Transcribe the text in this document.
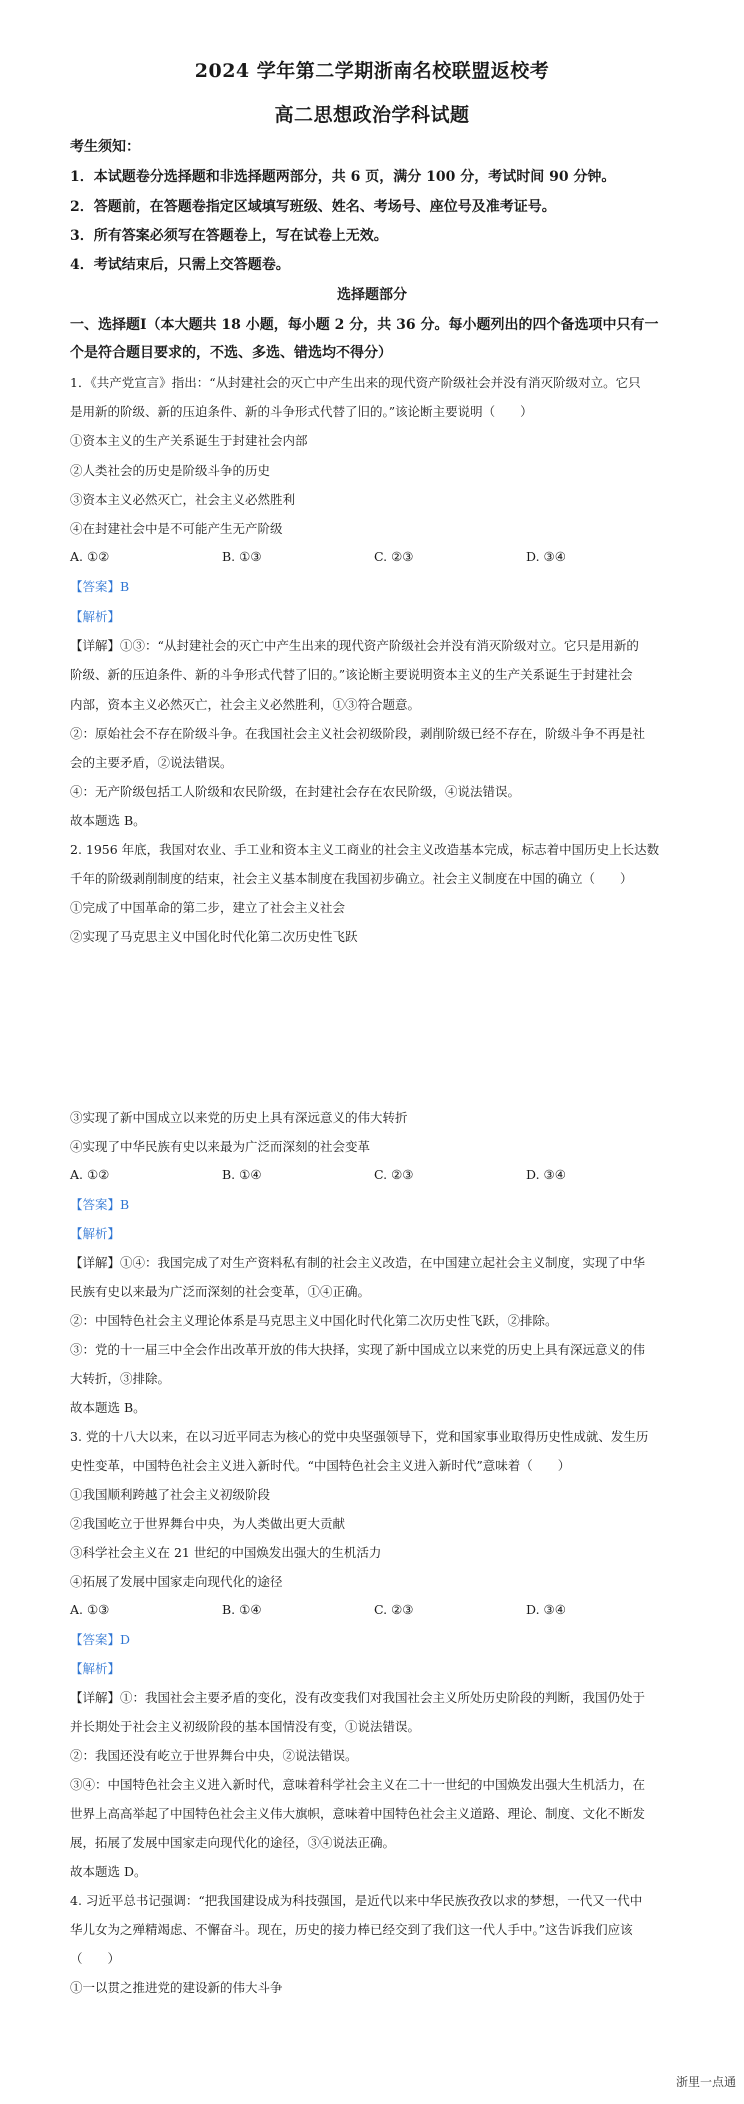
2024 学年第二学期浙南名校联盟返校考
高二思想政治学科试题
考生须知：
1．本试题卷分选择题和非选择题两部分，共 6 页，满分 100 分，考试时间 90 分钟。
2．答题前，在答题卷指定区域填写班级、姓名、考场号、座位号及准考证号。
3．所有答案必须写在答题卷上，写在试卷上无效。
4．考试结束后，只需上交答题卷。
选择题部分
一、选择题Ⅰ（本大题共 18 小题，每小题 2 分，共 36 分。每小题列出的四个备选项中只有一
个是符合题目要求的，不选、多选、错选均不得分）
1．《共产党宣言》指出：“从封建社会的灭亡中产生出来的现代资产阶级社会并没有消灭阶级对立。它只
是用新的阶级、新的压迫条件、新的斗争形式代替了旧的。”该论断主要说明（　　）
①资本主义的生产关系诞生于封建社会内部
②人类社会的历史是阶级斗争的历史
③资本主义必然灭亡，社会主义必然胜利
④在封建社会中是不可能产生无产阶级
A. ①②	B. ①③	C. ②③	D. ③④
【答案】B
【解析】
【详解】①③：“从封建社会的灭亡中产生出来的现代资产阶级社会并没有消灭阶级对立。它只是用新的
阶级、新的压迫条件、新的斗争形式代替了旧的。”该论断主要说明资本主义的生产关系诞生于封建社会
内部，资本主义必然灭亡，社会主义必然胜利，①③符合题意。
②：原始社会不存在阶级斗争。在我国社会主义社会初级阶段，剥削阶级已经不存在，阶级斗争不再是社
会的主要矛盾，②说法错误。
④：无产阶级包括工人阶级和农民阶级，在封建社会存在农民阶级，④说法错误。
故本题选 B。
2. 1956 年底，我国对农业、手工业和资本主义工商业的社会主义改造基本完成，标志着中国历史上长达数
千年的阶级剥削制度的结束，社会主义基本制度在我国初步确立。社会主义制度在中国的确立（　　）
①完成了中国革命的第二步，建立了社会主义社会
②实现了马克思主义中国化时代化第二次历史性飞跃
③实现了新中国成立以来党的历史上具有深远意义的伟大转折
④实现了中华民族有史以来最为广泛而深刻的社会变革
A. ①②	B. ①④	C. ②③	D. ③④
【答案】B
【解析】
【详解】①④：我国完成了对生产资料私有制的社会主义改造，在中国建立起社会主义制度，实现了中华
民族有史以来最为广泛而深刻的社会变革，①④正确。
②：中国特色社会主义理论体系是马克思主义中国化时代化第二次历史性飞跃，②排除。
③：党的十一届三中全会作出改革开放的伟大抉择，实现了新中国成立以来党的历史上具有深远意义的伟
大转折，③排除。
故本题选 B。
3. 党的十八大以来，在以习近平同志为核心的党中央坚强领导下，党和国家事业取得历史性成就、发生历
史性变革，中国特色社会主义进入新时代。“中国特色社会主义进入新时代”意味着（　　）
①我国顺利跨越了社会主义初级阶段
②我国屹立于世界舞台中央，为人类做出更大贡献
③科学社会主义在 21 世纪的中国焕发出强大的生机活力
④拓展了发展中国家走向现代化的途径
A. ①③	B. ①④	C. ②③	D. ③④
【答案】D
【解析】
【详解】①：我国社会主要矛盾的变化，没有改变我们对我国社会主义所处历史阶段的判断，我国仍处于
并长期处于社会主义初级阶段的基本国情没有变，①说法错误。
②：我国还没有屹立于世界舞台中央，②说法错误。
③④：中国特色社会主义进入新时代，意味着科学社会主义在二十一世纪的中国焕发出强大生机活力，在
世界上高高举起了中国特色社会主义伟大旗帜，意味着中国特色社会主义道路、理论、制度、文化不断发
展，拓展了发展中国家走向现代化的途径，③④说法正确。
故本题选 D。
4. 习近平总书记强调：“把我国建设成为科技强国，是近代以来中华民族孜孜以求的梦想，一代又一代中
华儿女为之殚精竭虑、不懈奋斗。现在，历史的接力棒已经交到了我们这一代人手中。”这告诉我们应该
（　　）
①一以贯之推进党的建设新的伟大斗争
浙里一点通
